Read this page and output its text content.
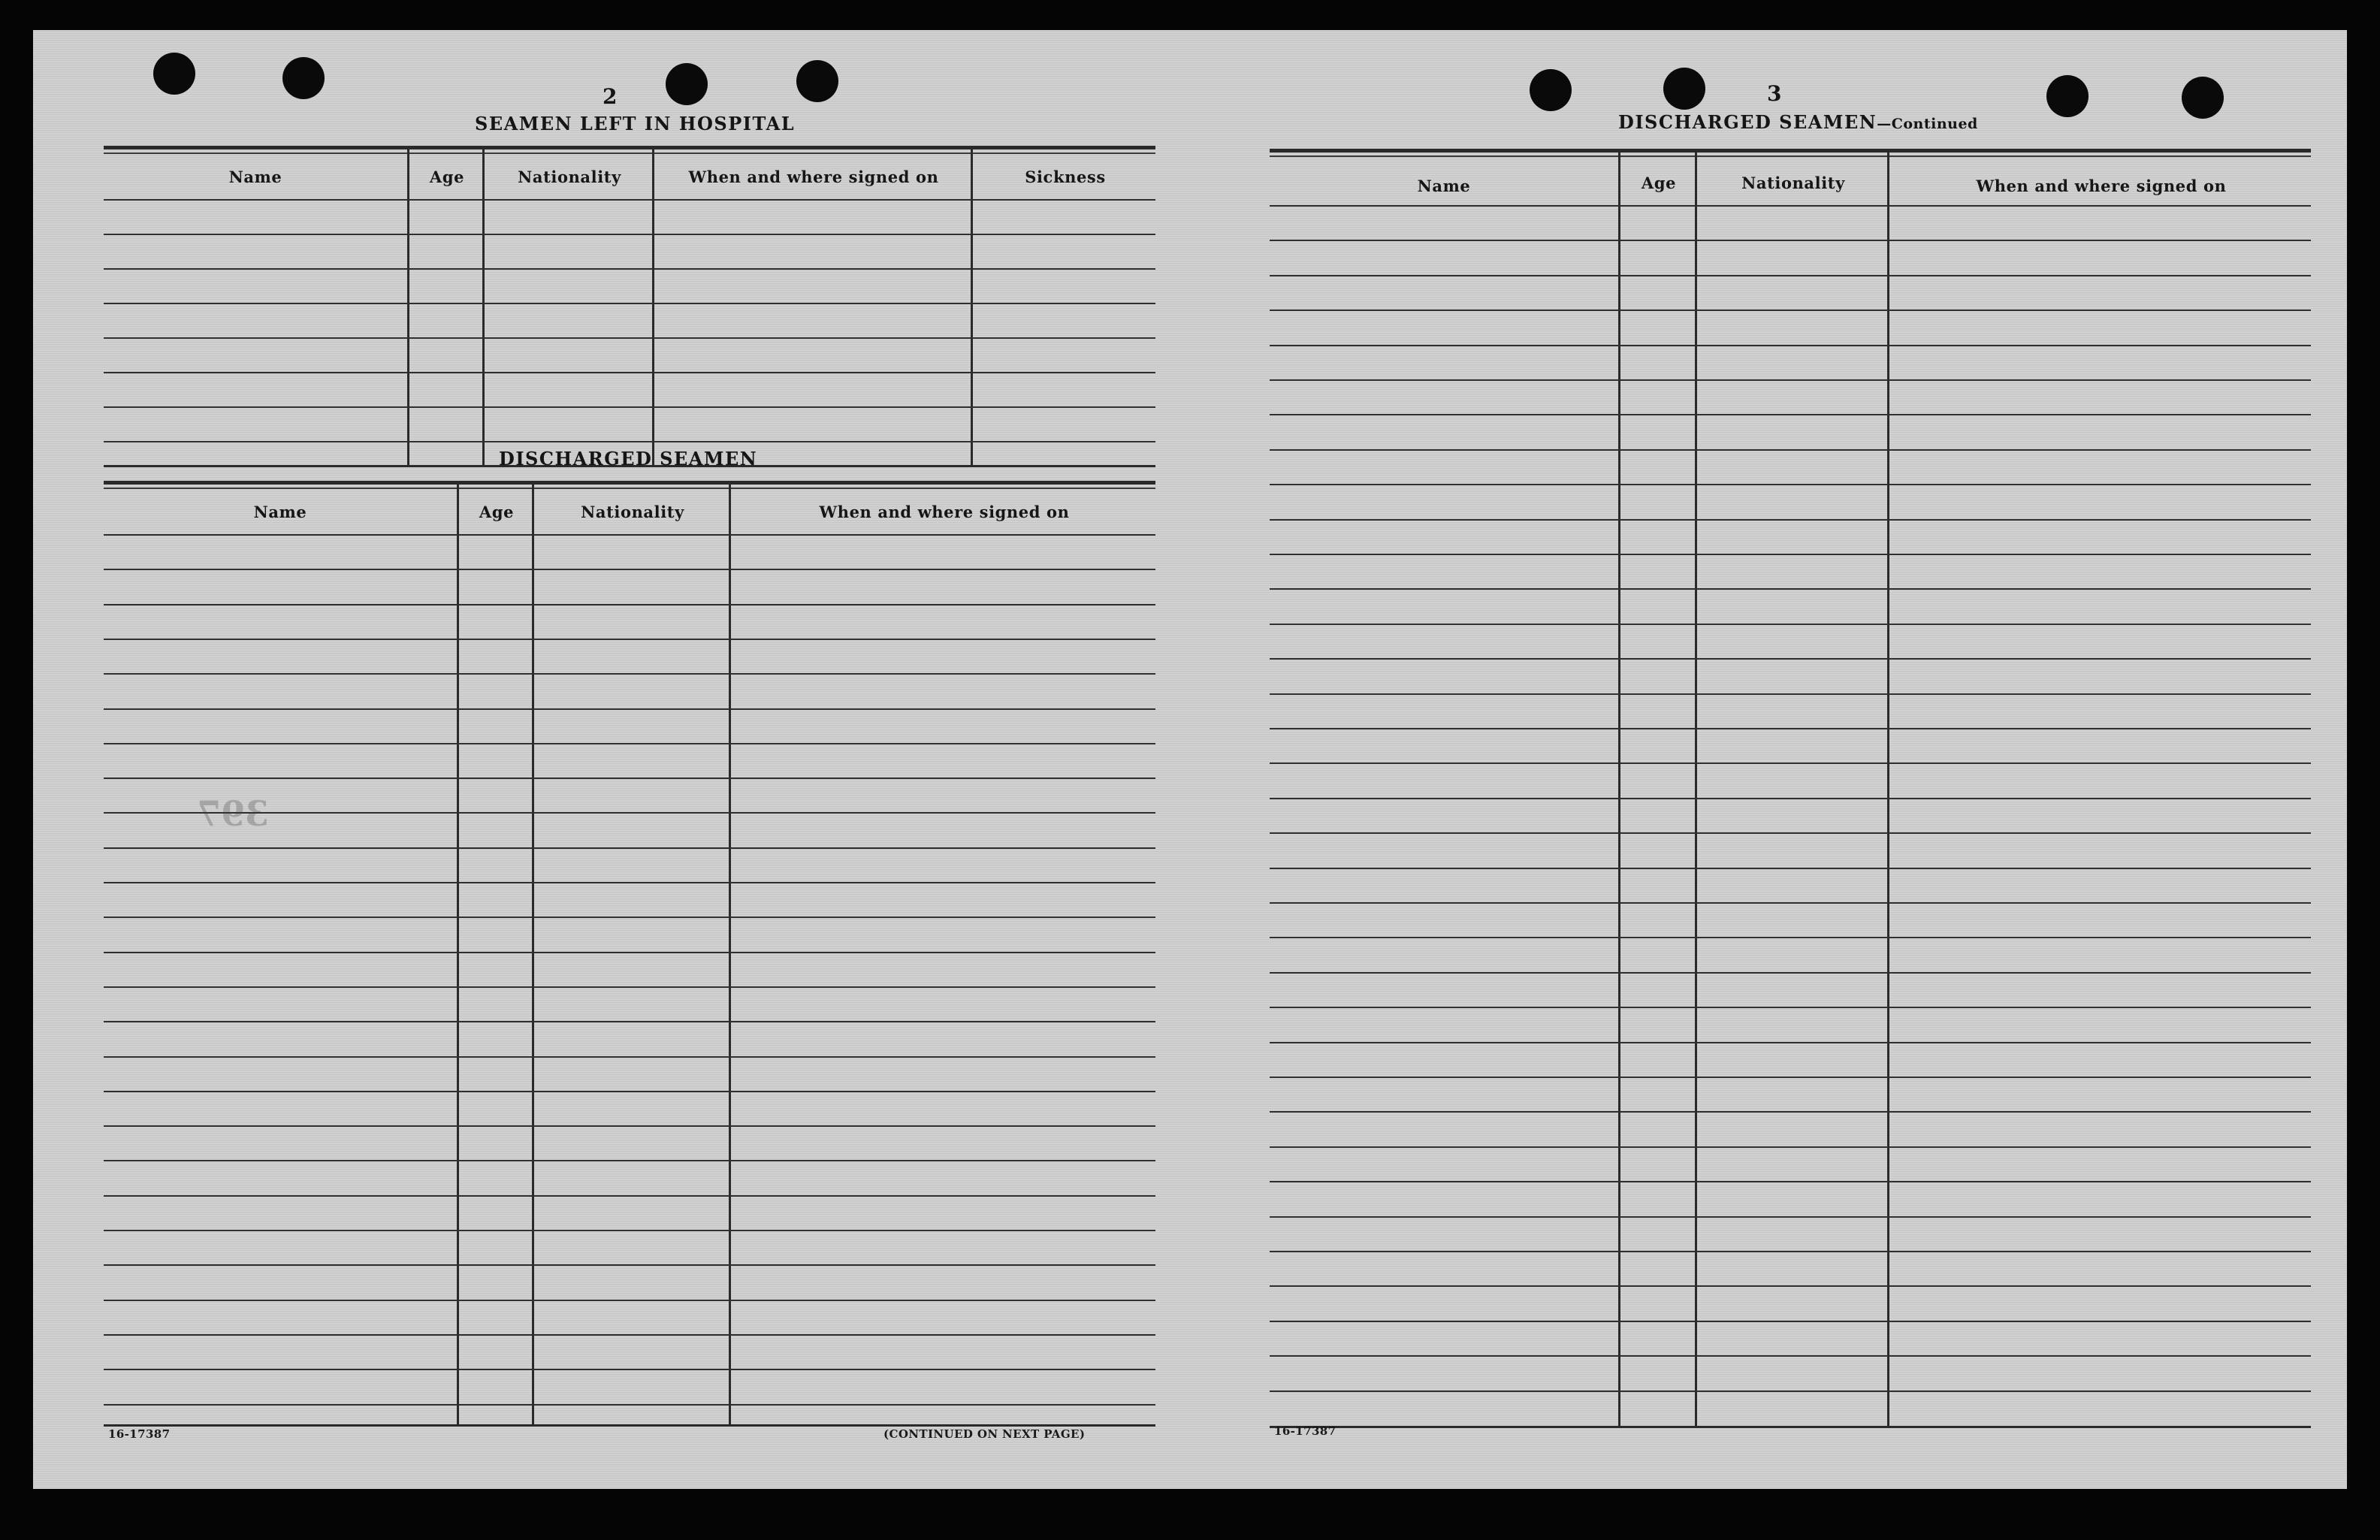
2
SEAMEN LEFT IN HOSPITAL
Name	Age	Nationality	When and where signed on	Sickness
DISCHARGED SEAMEN
Name	Age	Nationality	When and where signed on
16-17387	(CONTINUED ON NEXT PAGE)
397
3
DISCHARGED SEAMEN—Continued
Name	Age	Nationality	When and where signed on
16-17387
